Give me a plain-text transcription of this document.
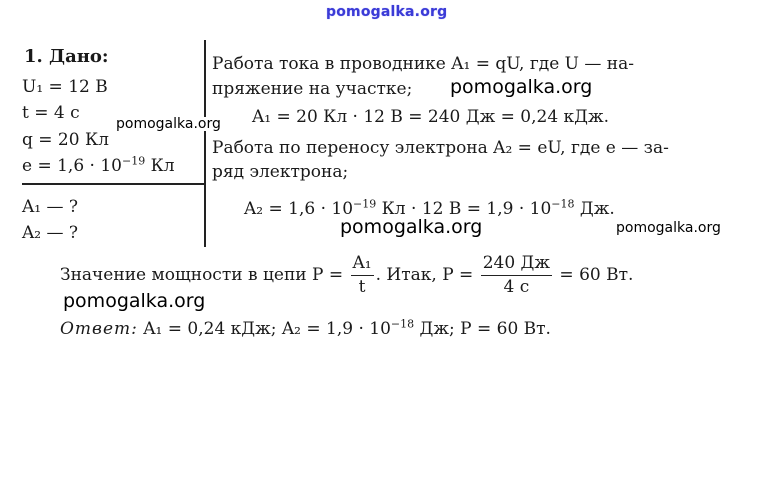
pomogalka.org
1. Дано:
U₁ = 12 В
t = 4 с
q = 20 Кл
$e = 1,6 \cdot 10^{-19}$ Кл
A₁ — ?
A₂ — ?
Работа тока в проводнике A₁ = qU, где U — на-
пряжение на участке;
A₁ = 20 Кл · 12 В = 240 Дж = 0,24 кДж.
Работа по переносу электрона A₂ = eU, где e — за-
ряд электрона;
$A_2 = 1,6 \cdot 10^{-19}$ Кл · 12 $В = 1,9 \cdot 10^{-18}$ Дж.
Значение мощности в цепи $P = \frac{\text{A₁}}{t}$ . Итак, $P = \frac{240 Дж}{4 с} = 60$ Вт.
Ответ: A₁ = 0,24 кДж; $A_2 = 1,9 \cdot 10^{-18}$ Дж; P = 60 Вт.
pomogalka.org
pomogalka.org
pomogalka.org	pomogalka.org
pomogalka.org
